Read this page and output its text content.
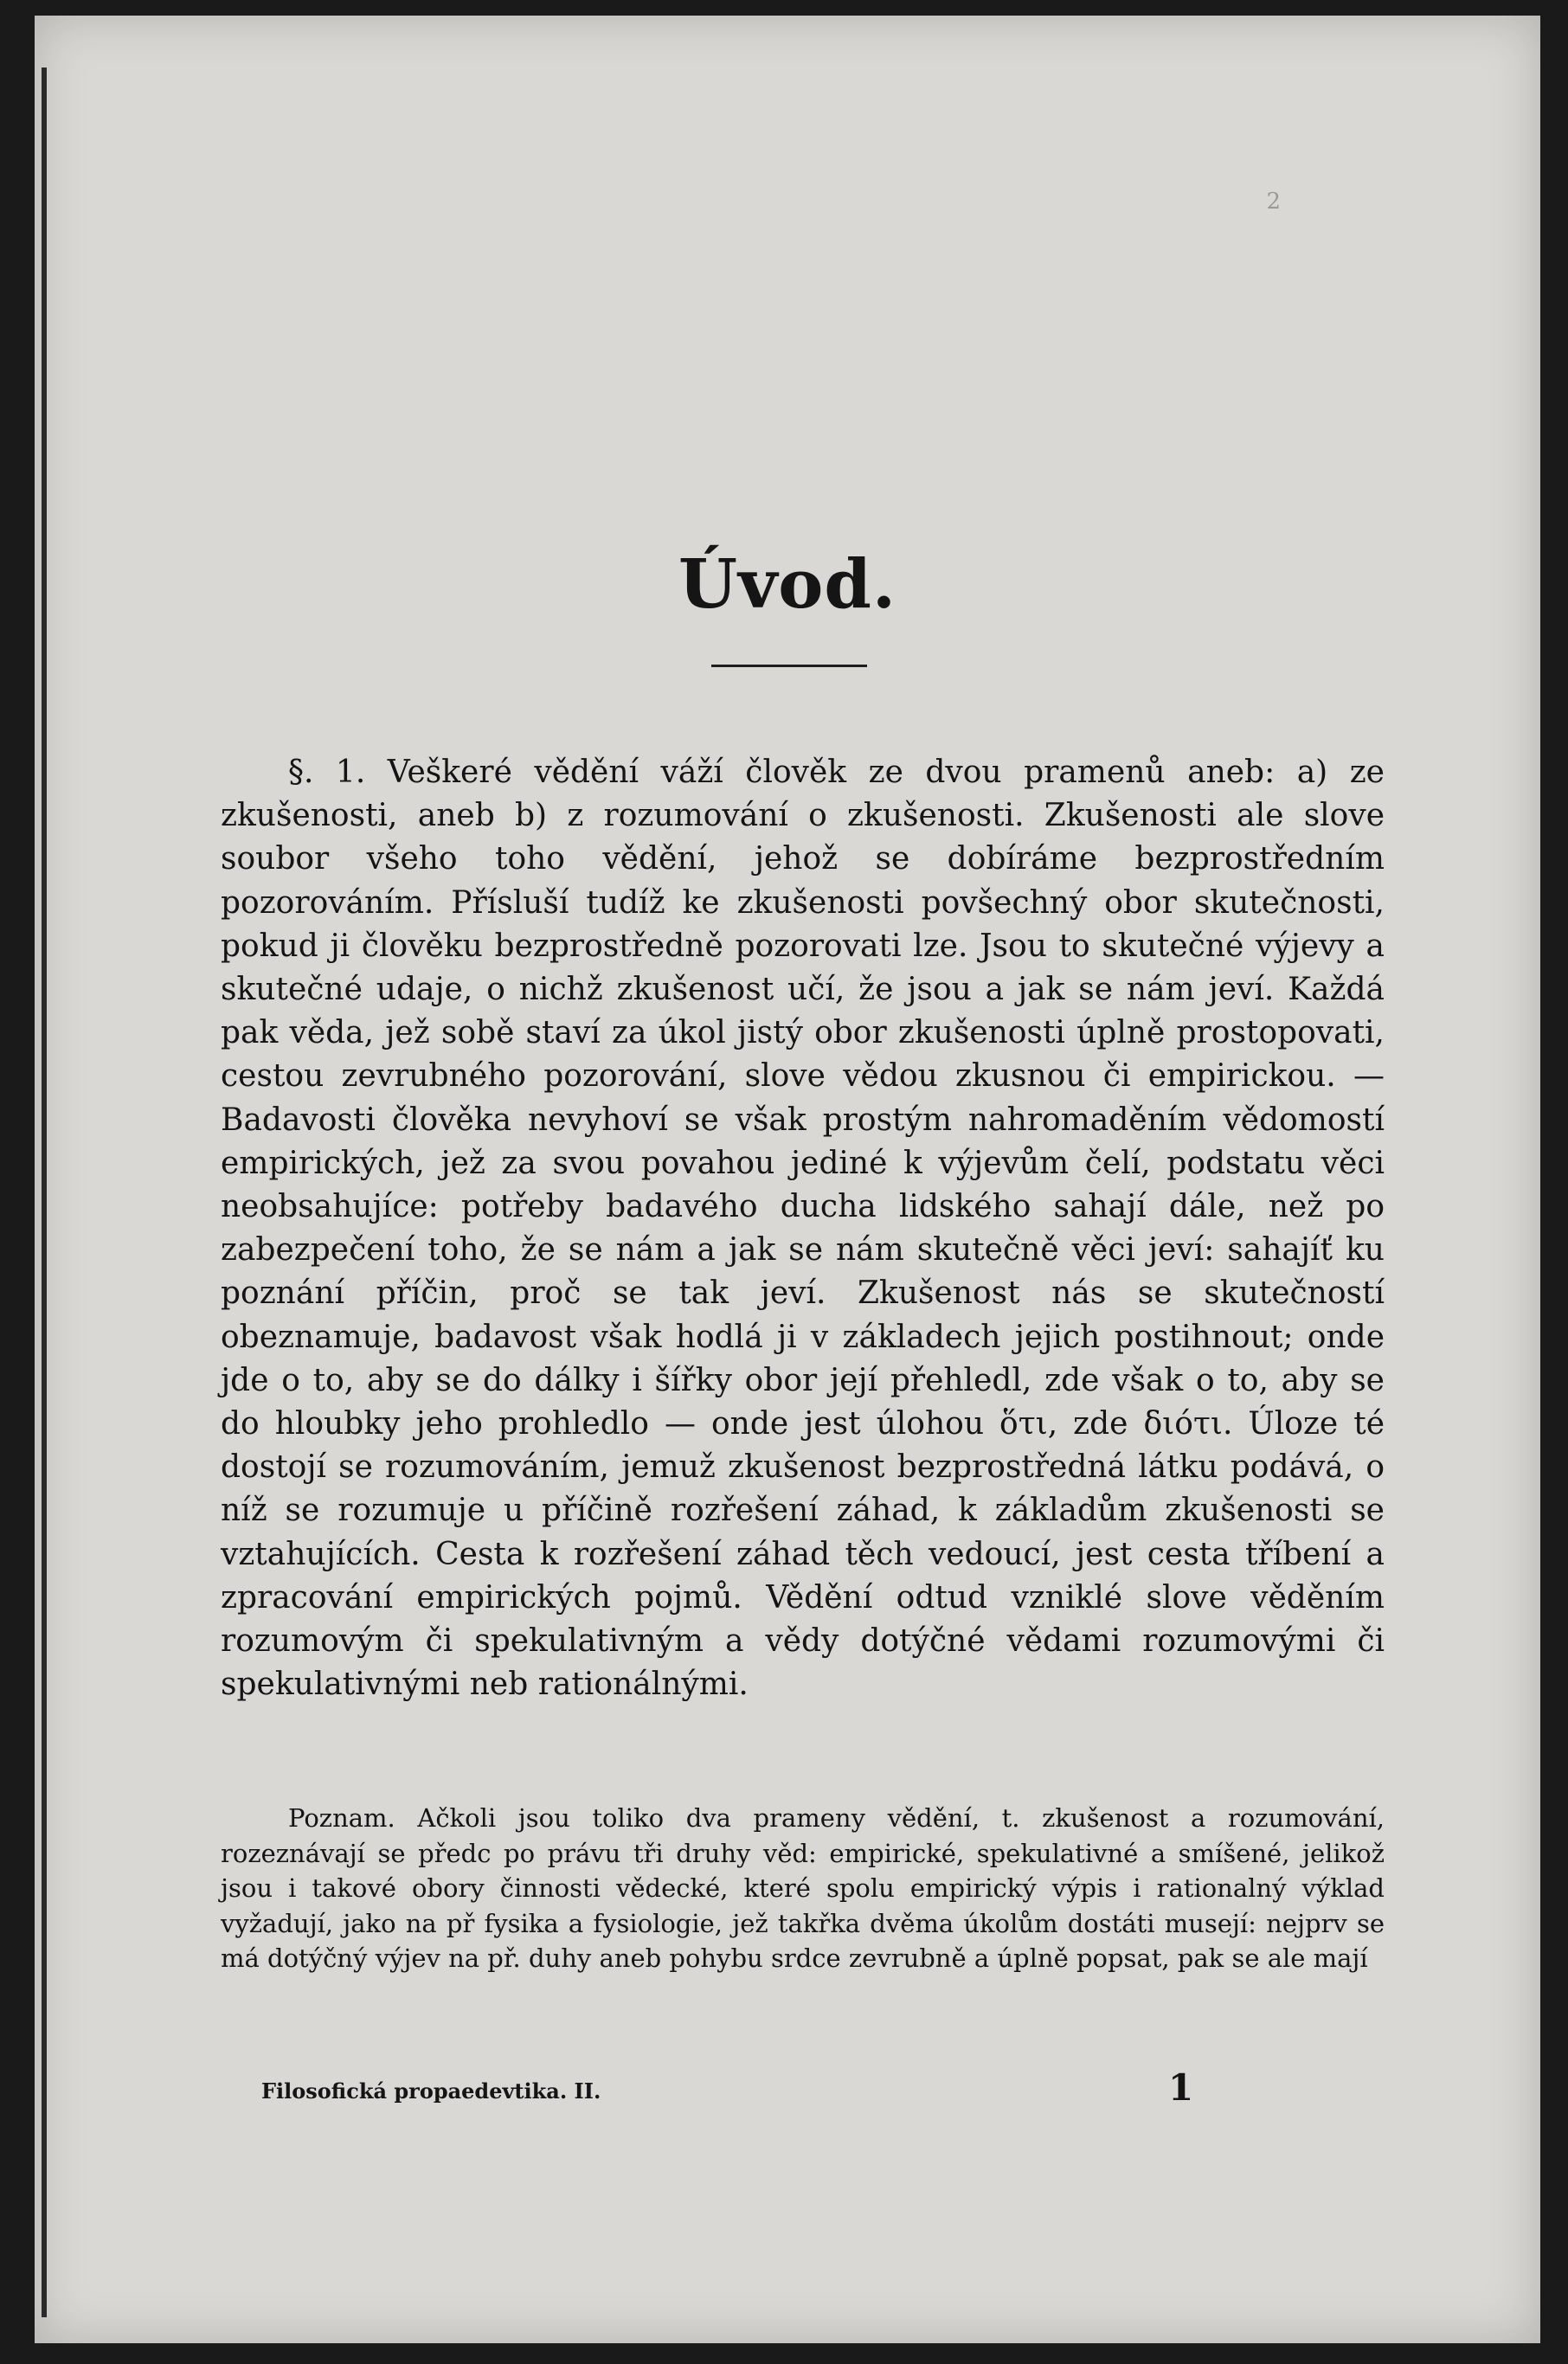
2
Úvod.

§. 1. Veškeré vědění váží člověk ze dvou pramenů aneb: a) ze zkušenosti, aneb b) z rozumování o zkušenosti. Zkušenosti ale slove soubor všeho toho vědění, jehož se dobíráme bezprostředním pozorováním. Přísluší tudíž ke zkušenosti povšechný obor skutečnosti, pokud ji člověku bezprostředně pozorovati lze. Jsou to skutečné výjevy a skutečné udaje, o nichž zkušenost učí, že jsou a jak se nám jeví. Každá pak věda, jež sobě staví za úkol jistý obor zkušenosti úplně prostopovati, cestou zevrubného pozorování, slove vědou zkusnou či empirickou. — Badavosti člověka nevyhoví se však prostým nahromaděním vědomostí empirických, jež za svou povahou jediné k výjevům čelí, podstatu věci neobsahujíce: potřeby badavého ducha lidského sahají dále, než po zabezpečení toho, že se nám a jak se nám skutečně věci jeví: sahajíť ku poznání příčin, proč se tak jeví. Zkušenost nás se skutečností obeznamuje, badavost však hodlá ji v základech jejich postihnout; onde jde o to, aby se do dálky i šířky obor její přehledl, zde však o to, aby se do hloubky jeho prohledlo — onde jest úlohou ὅτι, zde διότι. Úloze té dostojí se rozumováním, jemuž zkušenost bezprostředná látku podává, o níž se rozumuje u příčině rozřešení záhad, k základům zkušenosti se vztahujících. Cesta k rozřešení záhad těch vedoucí, jest cesta tříbení a zpracování empirických pojmů. Vědění odtud vzniklé slove věděním rozumovým či spekulativným a vědy dotýčné vědami rozumovými či spekulativnými neb rationálnými.

Poznam. Ačkoli jsou toliko dva prameny vědění, t. zkušenost a rozumování, rozeznávají se předc po právu tři druhy věd: empirické, spekulativné a smíšené, jelikož jsou i takové obory činnosti vědecké, které spolu empirický výpis i rationalný výklad vyžadují, jako na př fysika a fysiologie, jež takřka dvěma úkolům dostáti musejí: nejprv se má dotýčný výjev na př. duhy aneb pohybu srdce zevrubně a úplně popsat, pak se ale mají

Filosofická propaedevtika. II.	1
